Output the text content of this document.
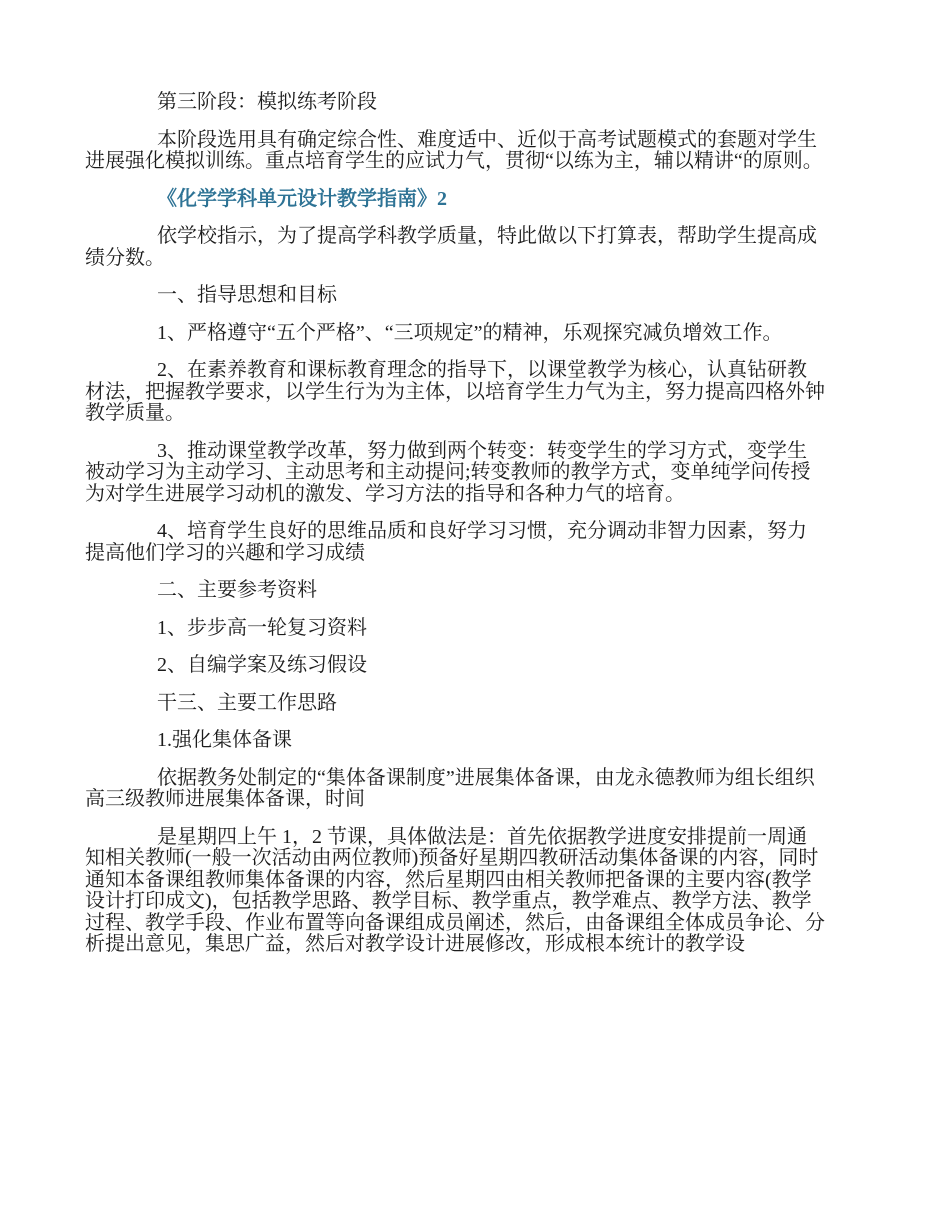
第三阶段：模拟练考阶段

本阶段选用具有确定综合性、难度适中、近似于高考试题模式的套题对学生进展强化模拟训练。重点培育学生的应试力气，贯彻“以练为主，辅以精讲“的原则。

《化学学科单元设计教学指南》2

依学校指示，为了提高学科教学质量，特此做以下打算表，帮助学生提高成绩分数。

一、指导思想和目标

1、严格遵守“五个严格”、“三项规定”的精神，乐观探究减负增效工作。

2、在素养教育和课标教育理念的指导下，以课堂教学为核心，认真钻研教材法，把握教学要求，以学生行为为主体，以培育学生力气为主，努力提高四格外钟教学质量。

3、推动课堂教学改革，努力做到两个转变：转变学生的学习方式，变学生被动学习为主动学习、主动思考和主动提问;转变教师的教学方式，变单纯学问传授为对学生进展学习动机的激发、学习方法的指导和各种力气的培育。

4、培育学生良好的思维品质和良好学习习惯，充分调动非智力因素，努力提高他们学习的兴趣和学习成绩

二、主要参考资料

1、步步高一轮复习资料

2、自编学案及练习假设

干三、主要工作思路

1.强化集体备课

依据教务处制定的“集体备课制度”进展集体备课，由龙永德教师为组长组织高三级教师进展集体备课，时间

是星期四上午 1，2 节课，具体做法是：首先依据教学进度安排提前一周通知相关教师(一般一次活动由两位教师)预备好星期四教研活动集体备课的内容，同时通知本备课组教师集体备课的内容，然后星期四由相关教师把备课的主要内容(教学设计打印成文)，包括教学思路、教学目标、教学重点，教学难点、教学方法、教学过程、教学手段、作业布置等向备课组成员阐述，然后，由备课组全体成员争论、分析提出意见，集思广益，然后对教学设计进展修改，形成根本统计的教学设
